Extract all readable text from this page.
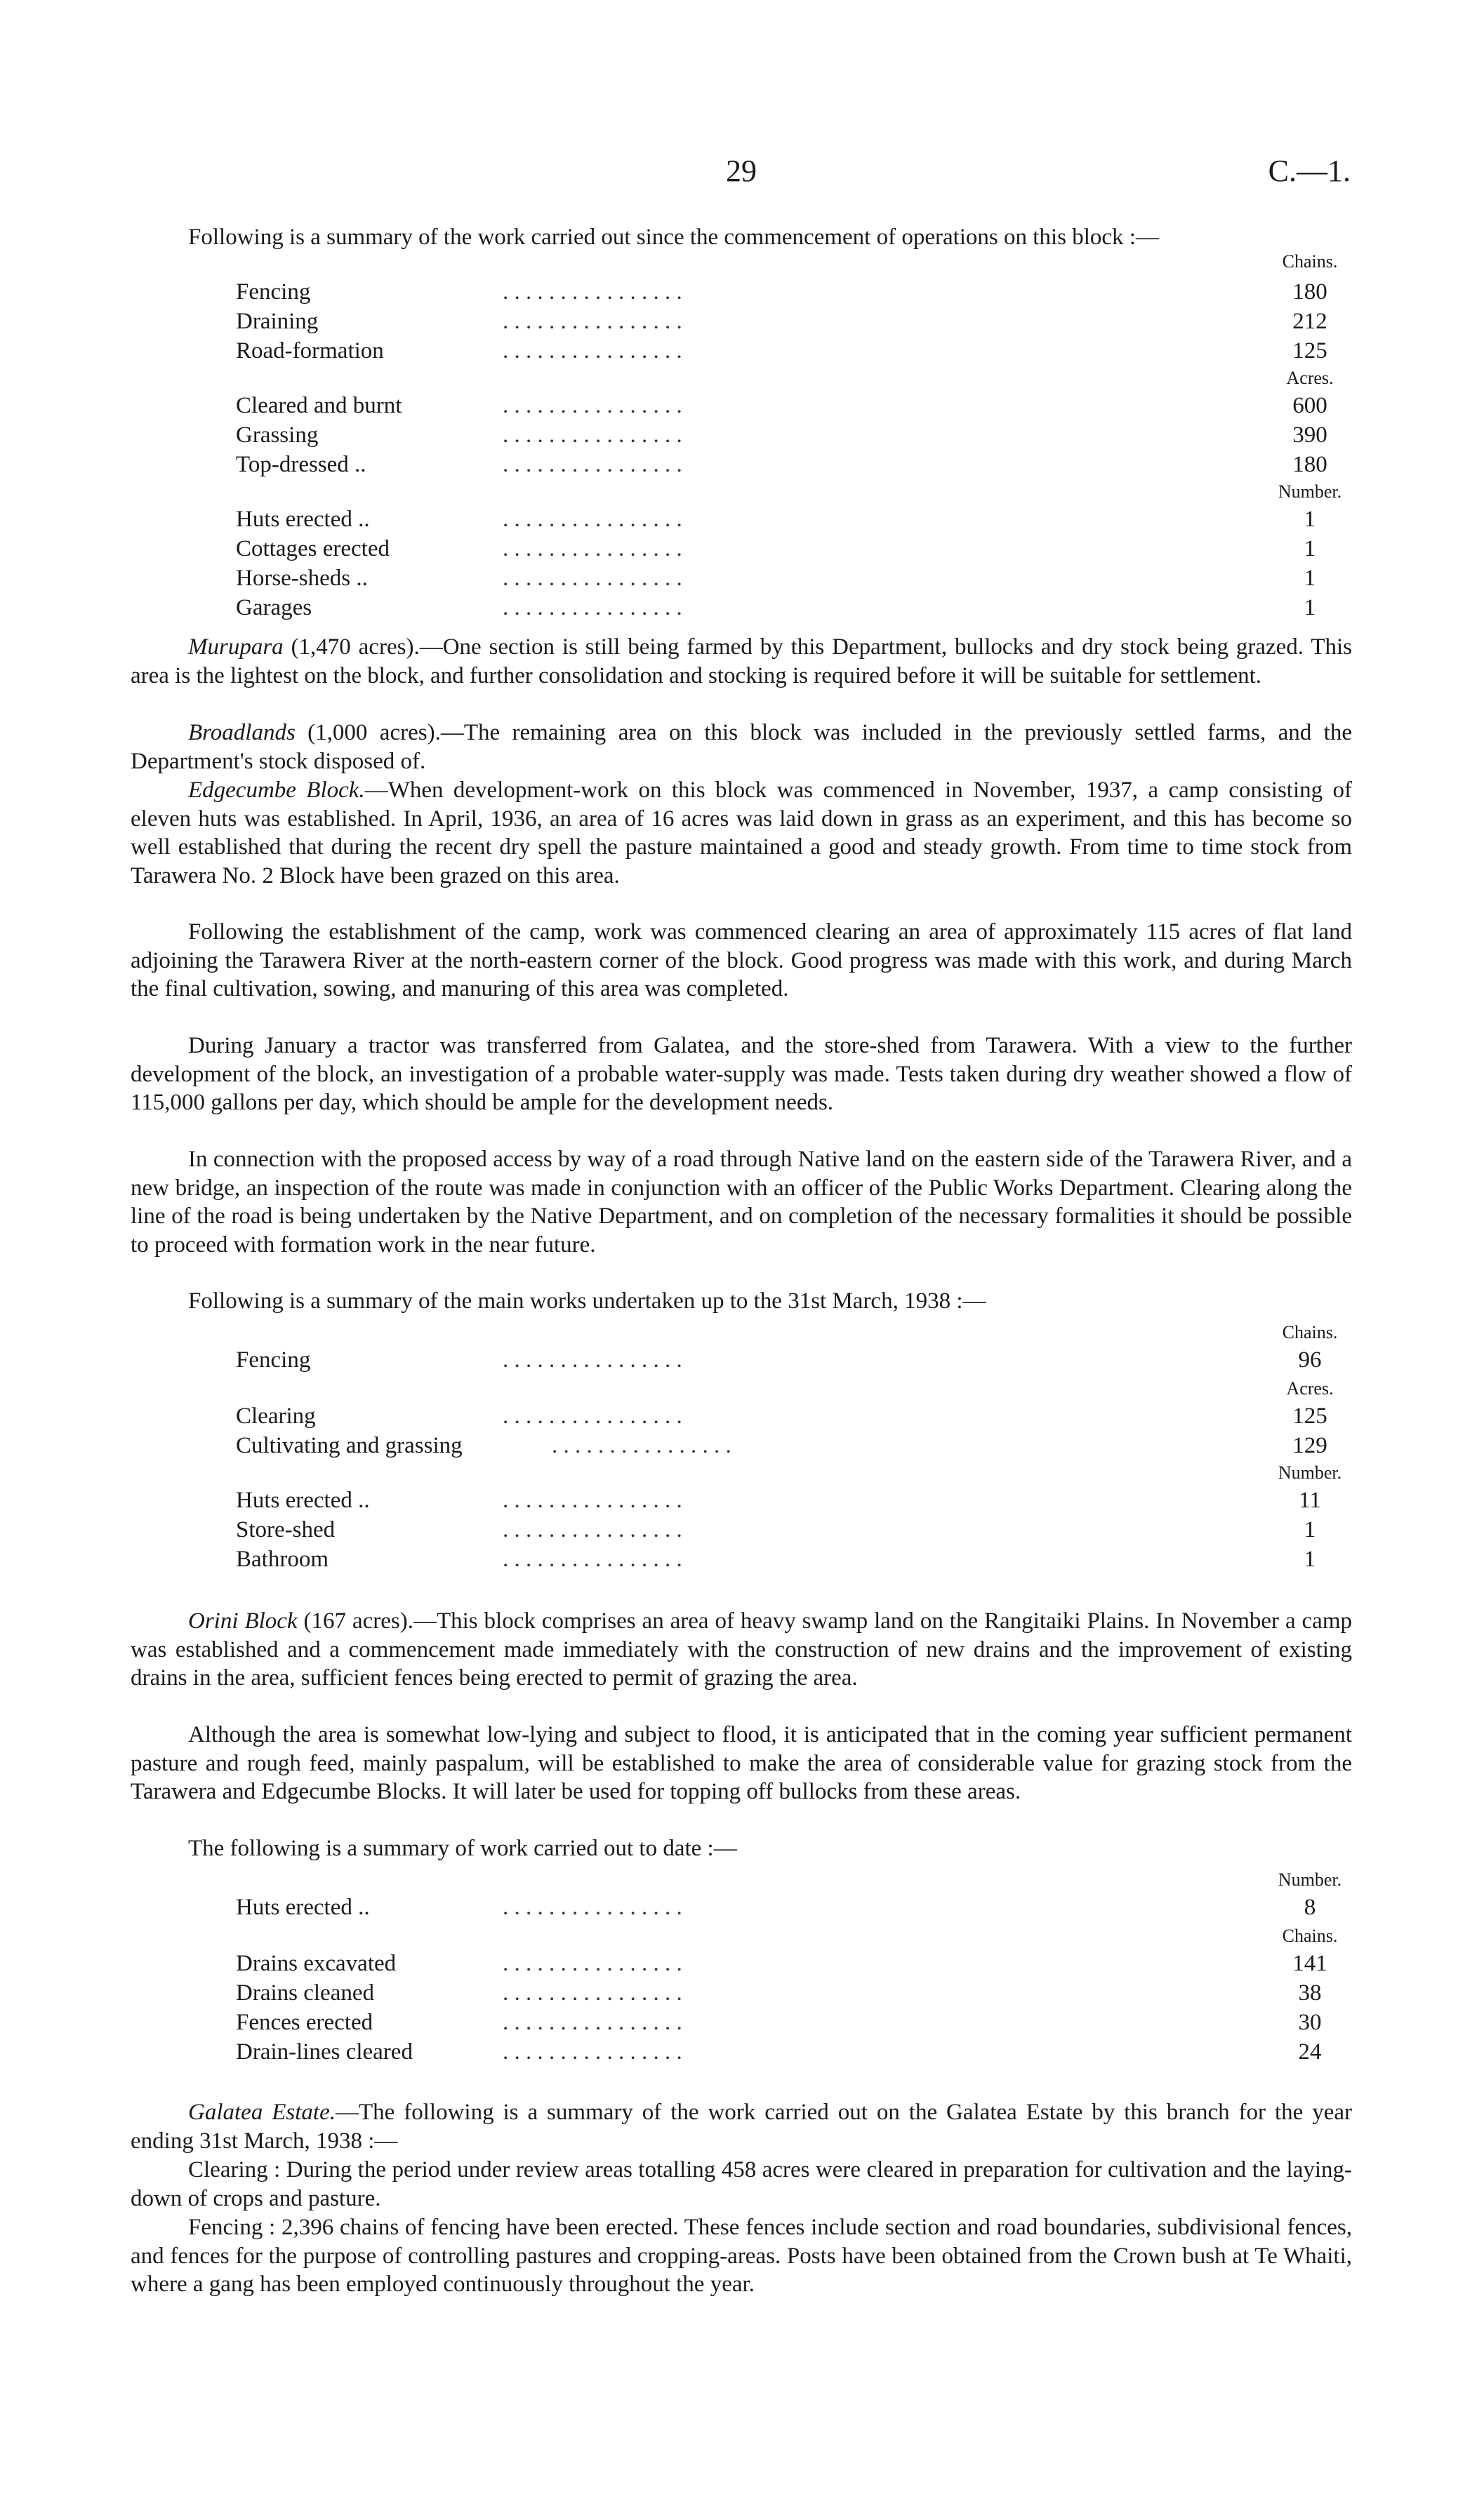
29	C.—1.

Following is a summary of the work carried out since the commencement of operations on this block :—

Chains.
Fencing	. . . . . . . . . . . . . . . .	180
Draining	. . . . . . . . . . . . . . . .	212
Road-formation	. . . . . . . . . . . . . . . .	125
Acres.
Cleared and burnt	. . . . . . . . . . . . . . . .	600
Grassing	. . . . . . . . . . . . . . . .	390
Top-dressed ..	. . . . . . . . . . . . . . . .	180
Number.
Huts erected ..	. . . . . . . . . . . . . . . .	1
Cottages erected	. . . . . . . . . . . . . . . .	1
Horse-sheds ..	. . . . . . . . . . . . . . . .	1
Garages	. . . . . . . . . . . . . . . .	1

Murupara (1,470 acres).—One section is still being farmed by this Department, bullocks and dry stock being grazed. This area is the lightest on the block, and further consolidation and stocking is required before it will be suitable for settlement.

Broadlands (1,000 acres).—The remaining area on this block was included in the previously settled farms, and the Department's stock disposed of.

Edgecumbe Block.—When development-work on this block was commenced in November, 1937, a camp consisting of eleven huts was established. In April, 1936, an area of 16 acres was laid down in grass as an experiment, and this has become so well established that during the recent dry spell the pasture maintained a good and steady growth. From time to time stock from Tarawera No. 2 Block have been grazed on this area.

Following the establishment of the camp, work was commenced clearing an area of approximately 115 acres of flat land adjoining the Tarawera River at the north-eastern corner of the block. Good progress was made with this work, and during March the final cultivation, sowing, and manuring of this area was completed.

During January a tractor was transferred from Galatea, and the store-shed from Tarawera. With a view to the further development of the block, an investigation of a probable water-supply was made. Tests taken during dry weather showed a flow of 115,000 gallons per day, which should be ample for the development needs.

In connection with the proposed access by way of a road through Native land on the eastern side of the Tarawera River, and a new bridge, an inspection of the route was made in conjunction with an officer of the Public Works Department. Clearing along the line of the road is being undertaken by the Native Department, and on completion of the necessary formalities it should be possible to proceed with formation work in the near future.

Following is a summary of the main works undertaken up to the 31st March, 1938 :—

Chains.
Fencing	. . . . . . . . . . . . . . . .	96
Acres.
Clearing	. . . . . . . . . . . . . . . .	125
Cultivating and grassing	. . . . . . . . . . . . . . . .	129
Number.
Huts erected ..	. . . . . . . . . . . . . . . .	11
Store-shed	. . . . . . . . . . . . . . . .	1
Bathroom	. . . . . . . . . . . . . . . .	1

Orini Block (167 acres).—This block comprises an area of heavy swamp land on the Rangitaiki Plains. In November a camp was established and a commencement made immediately with the construction of new drains and the improvement of existing drains in the area, sufficient fences being erected to permit of grazing the area.

Although the area is somewhat low-lying and subject to flood, it is anticipated that in the coming year sufficient permanent pasture and rough feed, mainly paspalum, will be established to make the area of considerable value for grazing stock from the Tarawera and Edgecumbe Blocks. It will later be used for topping off bullocks from these areas.

The following is a summary of work carried out to date :—

Number.
Huts erected ..	. . . . . . . . . . . . . . . .	8
Chains.
Drains excavated	. . . . . . . . . . . . . . . .	141
Drains cleaned	. . . . . . . . . . . . . . . .	38
Fences erected	. . . . . . . . . . . . . . . .	30
Drain-lines cleared	. . . . . . . . . . . . . . . .	24

Galatea Estate.—The following is a summary of the work carried out on the Galatea Estate by this branch for the year ending 31st March, 1938 :—

Clearing : During the period under review areas totalling 458 acres were cleared in preparation for cultivation and the laying-down of crops and pasture.

Fencing : 2,396 chains of fencing have been erected. These fences include section and road boundaries, subdivisional fences, and fences for the purpose of controlling pastures and cropping-areas. Posts have been obtained from the Crown bush at Te Whaiti, where a gang has been employed continuously throughout the year.
